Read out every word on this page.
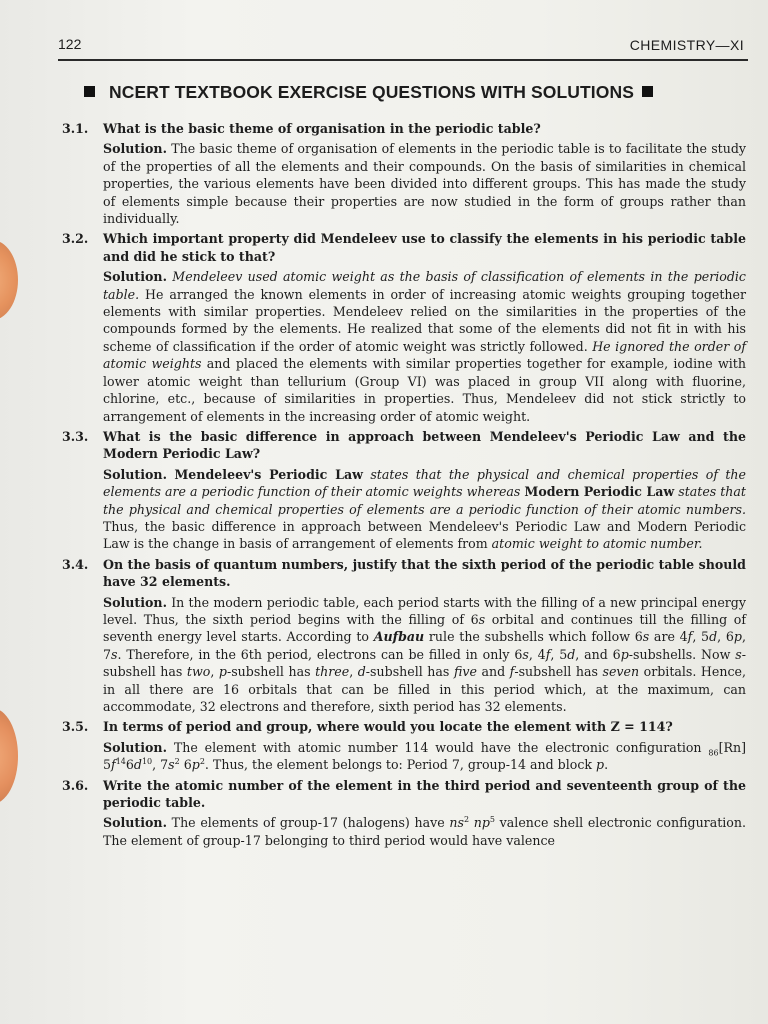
122	CHEMISTRY—XI
NCERT TEXTBOOK EXERCISE QUESTIONS WITH SOLUTIONS
3.1. What is the basic theme of organisation in the periodic table?

Solution. The basic theme of organisation of elements in the periodic table is to facilitate the study of the properties of all the elements and their compounds. On the basis of similarities in chemical properties, the various elements have been divided into different groups. This has made the study of elements simple because their properties are now studied in the form of groups rather than individually.

3.2. Which important property did Mendeleev use to classify the elements in his periodic table and did he stick to that?

Solution. Mendeleev used atomic weight as the basis of classification of elements in the periodic table. He arranged the known elements in order of increasing atomic weights grouping together elements with similar properties. Mendeleev relied on the similarities in the properties of the compounds formed by the elements. He realized that some of the elements did not fit in with his scheme of classification if the order of atomic weight was strictly followed. He ignored the order of atomic weights and placed the elements with similar properties together for example, iodine with lower atomic weight than tellurium (Group VI) was placed in group VII along with fluorine, chlorine, etc., because of similarities in properties. Thus, Mendeleev did not stick strictly to arrangement of elements in the increasing order of atomic weight.

3.3. What is the basic difference in approach between Mendeleev's Periodic Law and the Modern Periodic Law?

Solution. Mendeleev's Periodic Law states that the physical and chemical properties of the elements are a periodic function of their atomic weights whereas Modern Periodic Law states that the physical and chemical properties of elements are a periodic function of their atomic numbers. Thus, the basic difference in approach between Mendeleev's Periodic Law and Modern Periodic Law is the change in basis of arrangement of elements from atomic weight to atomic number.

3.4. On the basis of quantum numbers, justify that the sixth period of the periodic table should have 32 elements.

Solution. In the modern periodic table, each period starts with the filling of a new principal energy level. Thus, the sixth period begins with the filling of 6s orbital and continues till the filling of seventh energy level starts. According to Aufbau rule the subshells which follow 6s are 4f, 5d, 6p, 7s. Therefore, in the 6th period, electrons can be filled in only 6s, 4f, 5d, and 6p-subshells. Now s-subshell has two, p-subshell has three, d-subshell has five and f-subshell has seven orbitals. Hence, in all there are 16 orbitals that can be filled in this period which, at the maximum, can accommodate, 32 electrons and therefore, sixth period has 32 elements.

3.5. In terms of period and group, where would you locate the element with Z = 114?

Solution. The element with atomic number 114 would have the electronic configuration $_{86}$[Rn] $5f^{14}6d^{10}$, $7s^2$ $6p^2$. Thus, the element belongs to: Period 7, group-14 and block p.

3.6. Write the atomic number of the element in the third period and seventeenth group of the periodic table.

Solution. The elements of group-17 (halogens) have $ns^2$ $np^5$ valence shell electronic configuration. The element of group-17 belonging to third period would have valence
